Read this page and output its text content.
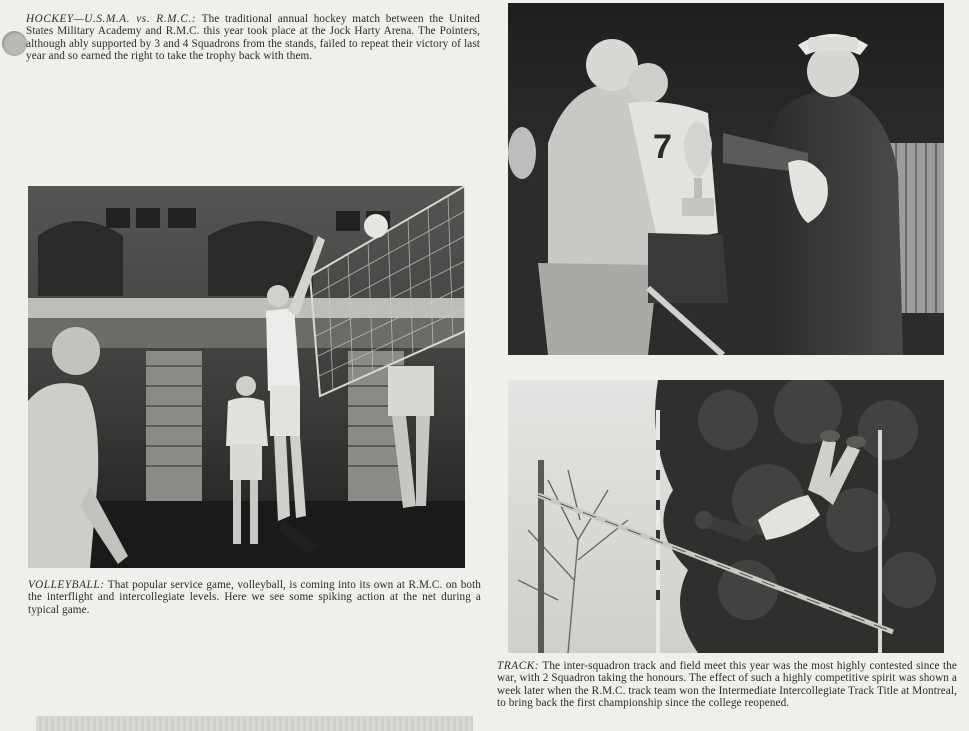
HOCKEY—U.S.M.A. vs. R.M.C.: The traditional annual hockey match between the United States Military Academy and R.M.C. this year took place at the Jock Harty Arena. The Pointers, although ably supported by 3 and 4 Squadrons from the stands, failed to repeat their victory of last year and so earned the right to take the trophy back with them.
7
VOLLEYBALL: That popular service game, volleyball, is coming into its own at R.M.C. on both the interflight and intercollegiate levels. Here we see some spiking action at the net during a typical game.
TRACK: The inter-squadron track and field meet this year was the most highly contested since the war, with 2 Squadron taking the honours. The effect of such a highly competitive spirit was shown a week later when the R.M.C. track team won the Intermediate Intercollegiate Track Title at Montreal, to bring back the first championship since the college reopened.
